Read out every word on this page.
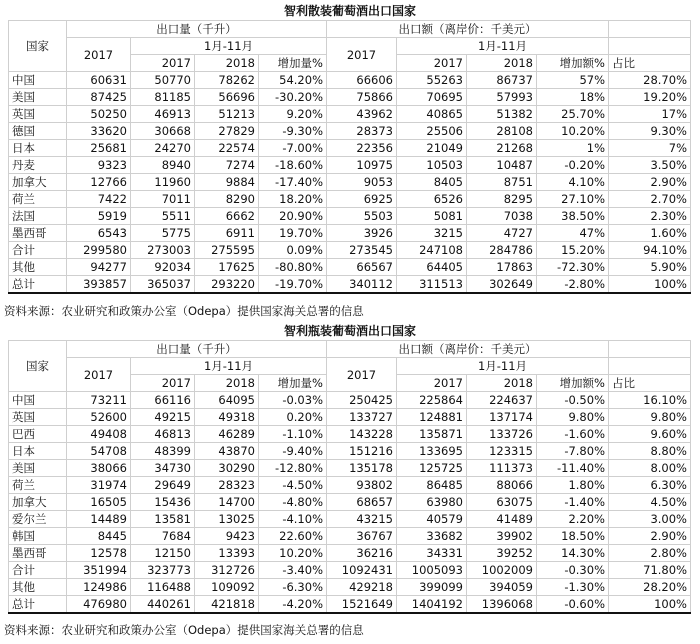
智利散装葡萄酒出口国家
国家	出口量（千升）				出口额（离岸价：千美元）				
	2017	1月-11月			2017	1月-11月			
		2017	2018	增加量%		2017	2018	增加额%	占比
中国	60631	50770	78262	54.20%	66606	55263	86737	57%	28.70%
美国	87425	81185	56696	-30.20%	75866	70695	57993	18%	19.20%
英国	50250	46913	51213	9.20%	43962	40865	51382	25.70%	17%
德国	33620	30668	27829	-9.30%	28373	25506	28108	10.20%	9.30%
日本	25681	24270	22574	-7.00%	22356	21049	21268	1%	7%
丹麦	9323	8940	7274	-18.60%	10975	10503	10487	-0.20%	3.50%
加拿大	12766	11960	9884	-17.40%	9053	8405	8751	4.10%	2.90%
荷兰	7422	7011	8290	18.20%	6925	6526	8295	27.10%	2.70%
法国	5919	5511	6662	20.90%	5503	5081	7038	38.50%	2.30%
墨西哥	6543	5775	6911	19.70%	3926	3215	4727	47%	1.60%
合计	299580	273003	275595	0.09%	273545	247108	284786	15.20%	94.10%
其他	94277	92034	17625	-80.80%	66567	64405	17863	-72.30%	5.90%
总计	393857	365037	293220	-19.70%	340112	311513	302649	-2.80%	100%
资料来源：农业研究和政策办公室（Odepa）提供国家海关总署的信息
智利瓶装葡萄酒出口国家
国家	出口量（千升）				出口额（离岸价：千美元）				
	2017	1月-11月			2017	1月-11月			
		2017	2018	增加量%		2017	2018	增加额%	占比
中国	73211	66116	64095	-0.03%	250425	225864	224637	-0.50%	16.10%
英国	52600	49215	49318	0.20%	133727	124881	137174	9.80%	9.80%
巴西	49408	46813	46289	-1.10%	143228	135871	133726	-1.60%	9.60%
日本	54708	48399	43870	-9.40%	151216	133695	123315	-7.80%	8.80%
美国	38066	34730	30290	-12.80%	135178	125725	111373	-11.40%	8.00%
荷兰	31974	29649	28323	-4.50%	93802	86485	88066	1.80%	6.30%
加拿大	16505	15436	14700	-4.80%	68657	63980	63075	-1.40%	4.50%
爱尔兰	14489	13581	13025	-4.10%	43215	40579	41489	2.20%	3.00%
韩国	8445	7684	9423	22.60%	36767	33682	39902	18.50%	2.90%
墨西哥	12578	12150	13393	10.20%	36216	34331	39252	14.30%	2.80%
合计	351994	323773	312726	-3.40%	1092431	1005093	1002009	-0.30%	71.80%
其他	124986	116488	109092	-6.30%	429218	399099	394059	-1.30%	28.20%
总计	476980	440261	421818	-4.20%	1521649	1404192	1396068	-0.60%	100%
资料来源：农业研究和政策办公室（Odepa）提供国家海关总署的信息
